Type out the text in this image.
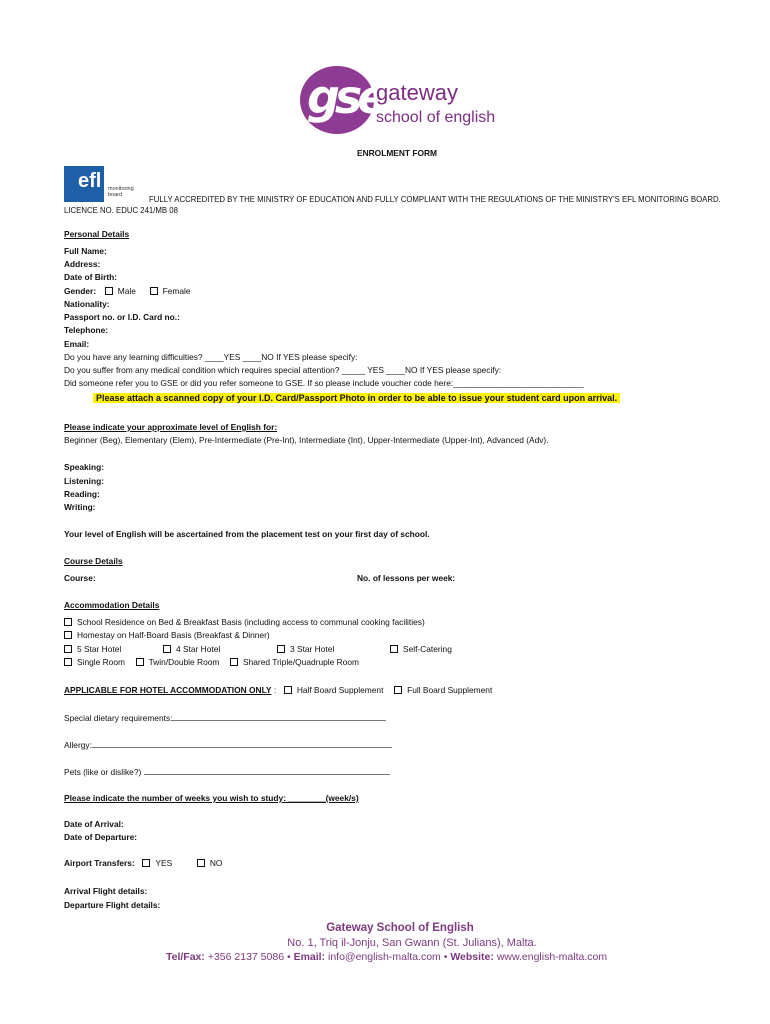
gse
gateway
school of english
ENROLMENT FORM
efl monitoring board	FULLY ACCREDITED BY THE MINISTRY OF EDUCATION AND FULLY COMPLIANT WITH THE REGULATIONS OF THE MINISTRY'S EFL MONITORING BOARD.
LICENCE NO. EDUC 241/MB 08
Personal Details
Full Name:
Address:
Date of Birth:
Gender:	Male	Female
Nationality:
Passport no. or I.D. Card no.:
Telephone:
Email:
Do you have any learning difficulties? ____YES ____NO If YES please specify:
Do you suffer from any medical condition which requires special attention? _____ YES ____NO If YES please specify:
Did someone refer you to GSE or did you refer someone to GSE. If so please include voucher code here:____________________________
Please attach a scanned copy of your I.D. Card/Passport Photo in order to be able to issue your student card upon arrival.
Please indicate your approximate level of English for:
Beginner (Beg), Elementary (Elem), Pre-Intermediate (Pre-Int), Intermediate (Int), Upper-Intermediate (Upper-Int), Advanced (Adv).
Speaking:
Listening:
Reading:
Writing:
Your level of English will be ascertained from the placement test on your first day of school.
Course Details
Course:	No. of lessons per week:
Accommodation Details
School Residence on Bed & Breakfast Basis (including access to communal cooking facilities)
Homestay on Half-Board Basis (Breakfast & Dinner)
5 Star Hotel	4 Star Hotel	3 Star Hotel	Self-Catering
Single Room	Twin/Double Room	Shared Triple/Quadruple Room
APPLICABLE FOR HOTEL ACCOMMODATION ONLY : Half Board Supplement	Full Board Supplement
Special dietary requirements:
Allergy:
Pets (like or dislike?)
Please indicate the number of weeks you wish to study: ________(week/s)
Date of Arrival:
Date of Departure:
Airport Transfers: YES	NO
Arrival Flight details:
Departure Flight details:
Gateway School of English
No. 1, Triq il-Jonju, San Gwann (St. Julians), Malta.
Tel/Fax: +356 2137 5086 • Email: info@english-malta.com • Website: www.english-malta.com
